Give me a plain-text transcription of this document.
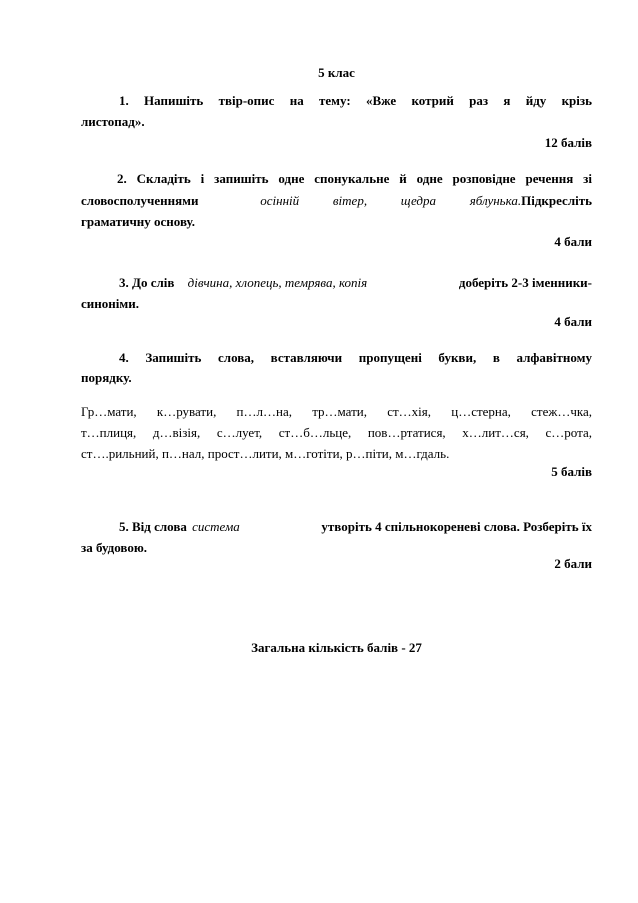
5 клас
1. Напишіть твір-опис на тему: «Вже котрий раз я йду крізь
листопад».
12 балів
2. Складіть і запишіть одне спонукальне й одне розповідне речення зі
словосполученнями	осінній вітер, щедра яблунька. Підкресліть
граматичну основу.
4 бали
3. До слів дівчина, хлопець, темрява, копія	доберіть 2-3 іменники-
синоніми.
4 бали
4. Запишіть слова, вставляючи пропущені букви, в алфавітному
порядку.
Гр…мати, к…рувати, п…л…на, тр…мати, ст…хія, ц…стерна, стеж…чка,
т…плиця, д…візія, с…лует, ст…б…льце, пов…ртатися, х…лит…ся, с…рота,
ст….рильний, п…нал, прост…лити, м…готіти, р…піти, м…гдаль.
5 балів
5. Від слова система	утворіть 4 спільнокореневі слова. Розберіть їх
за будовою.
2 бали
Загальна кількість балів - 27
